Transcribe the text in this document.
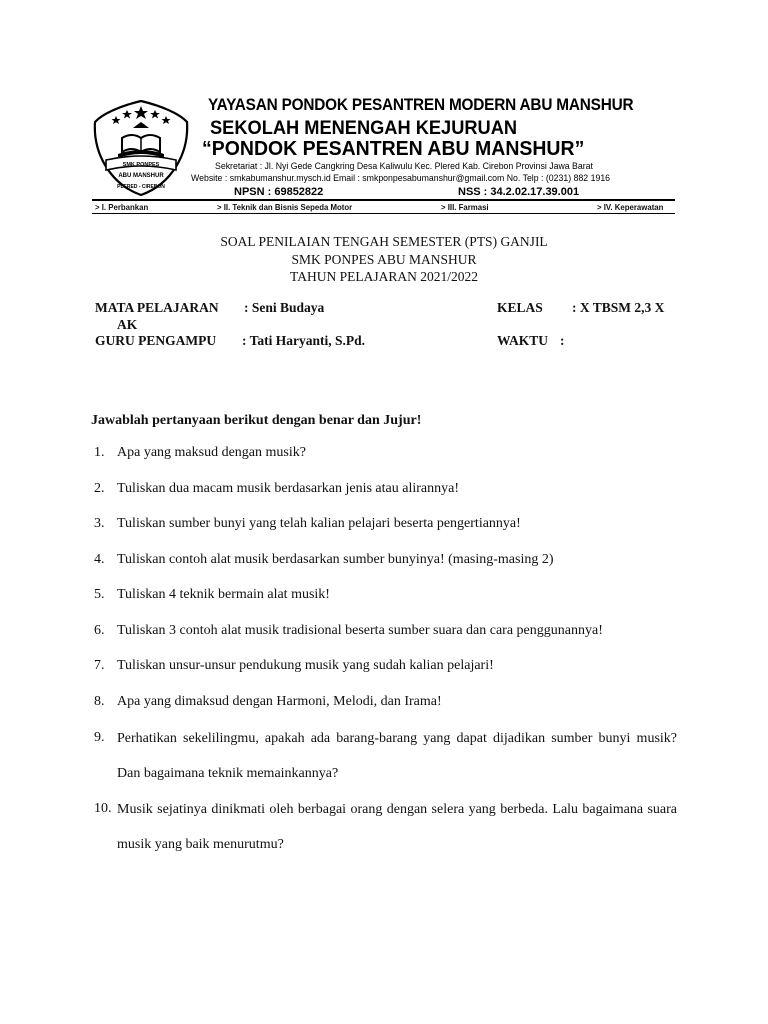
SMK PONPES
ABU MANSHUR
PLERED - CIREBON
YAYASAN PONDOK PESANTREN MODERN ABU MANSHUR
SEKOLAH MENENGAH KEJURUAN
“PONDOK PESANTREN ABU MANSHUR”
Sekretariat : Jl. Nyi Gede Cangkring Desa Kaliwulu Kec. Plered Kab. Cirebon Provinsi Jawa Barat
Website : smkabumanshur.mysch.id Email : smkponpesabumanshur@gmail.com No. Telp : (0231) 882 1916
NPSN : 69852822	NSS : 34.2.02.17.39.001
> I. Perbankan	> II. Teknik dan Bisnis Sepeda Motor	> III. Farmasi	> IV. Keperawatan
SOAL PENILAIAN TENGAH SEMESTER (PTS) GANJIL
SMK PONPES ABU MANSHUR
TAHUN PELAJARAN 2021/2022
MATA PELAJARAN : Seni Budaya	KELAS : X TBSM 2,3 X
AK
GURU PENGAMPU : Tati Haryanti, S.Pd.	WAKTU :
Jawablah pertanyaan berikut dengan benar dan Jujur!
1. Apa yang maksud dengan musik?
2. Tuliskan dua macam musik berdasarkan jenis atau alirannya!
3. Tuliskan sumber bunyi yang telah kalian pelajari beserta pengertiannya!
4. Tuliskan contoh alat musik berdasarkan sumber bunyinya! (masing-masing 2)
5. Tuliskan 4 teknik bermain alat musik!
6. Tuliskan 3 contoh alat musik tradisional beserta sumber suara dan cara penggunannya!
7. Tuliskan unsur-unsur pendukung musik yang sudah kalian pelajari!
8. Apa yang dimaksud dengan Harmoni, Melodi, dan Irama!
9. Perhatikan sekelilingmu, apakah ada barang-barang yang dapat dijadikan sumber bunyi musik? Dan bagaimana teknik memainkannya?
10. Musik sejatinya dinikmati oleh berbagai orang dengan selera yang berbeda. Lalu bagaimana suara musik yang baik menurutmu?
